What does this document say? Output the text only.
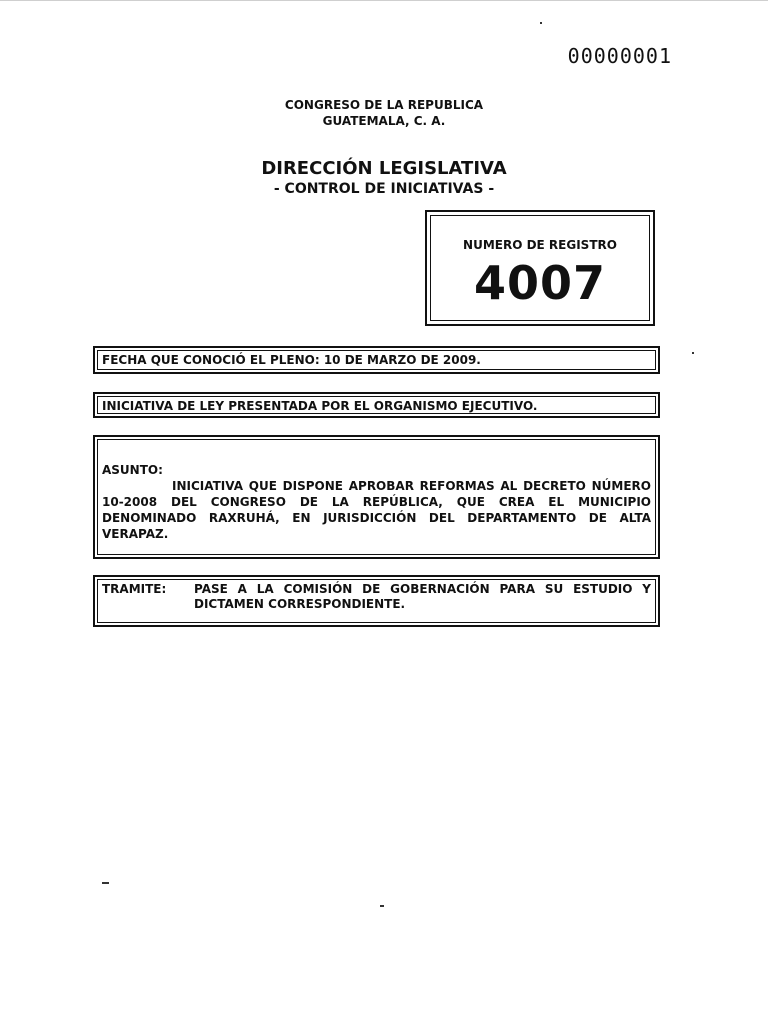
00000001
CONGRESO DE LA REPUBLICA
GUATEMALA, C. A.
DIRECCIÓN LEGISLATIVA
- CONTROL DE INICIATIVAS -
NUMERO DE REGISTRO
4007
FECHA QUE CONOCIÓ EL PLENO: 10 DE MARZO DE 2009.
INICIATIVA DE LEY PRESENTADA POR EL ORGANISMO EJECUTIVO.
ASUNTO:
INICIATIVA QUE DISPONE APROBAR REFORMAS AL DECRETO NÚMERO 10-2008 DEL CONGRESO DE LA REPÚBLICA, QUE CREA EL MUNICIPIO DENOMINADO RAXRUHÁ, EN JURISDICCIÓN DEL DEPARTAMENTO DE ALTA VERAPAZ.
TRAMITE:	PASE A LA COMISIÓN DE GOBERNACIÓN PARA SU ESTUDIO Y DICTAMEN CORRESPONDIENTE.
